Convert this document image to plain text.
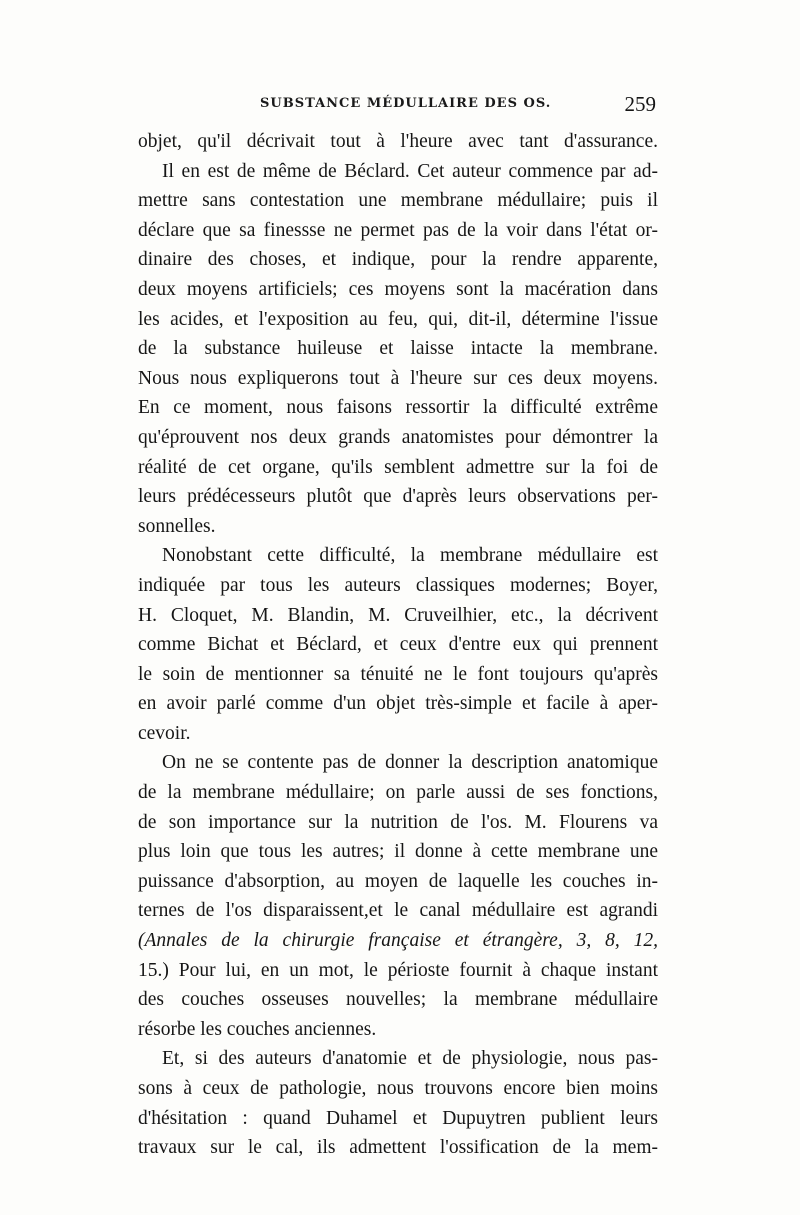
SUBSTANCE MÉDULLAIRE DES OS.	259
objet, qu'il décrivait tout à l'heure avec tant d'assurance.
Il en est de même de Béclard. Cet auteur commence par ad-
mettre sans contestation une membrane médullaire; puis il
déclare que sa finessse ne permet pas de la voir dans l'état or-
dinaire des choses, et indique, pour la rendre apparente,
deux moyens artificiels; ces moyens sont la macération dans
les acides, et l'exposition au feu, qui, dit-il, détermine l'issue
de la substance huileuse et laisse intacte la membrane.
Nous nous expliquerons tout à l'heure sur ces deux moyens.
En ce moment, nous faisons ressortir la difficulté extrême
qu'éprouvent nos deux grands anatomistes pour démontrer la
réalité de cet organe, qu'ils semblent admettre sur la foi de
leurs prédécesseurs plutôt que d'après leurs observations per-
sonnelles.
Nonobstant cette difficulté, la membrane médullaire est
indiquée par tous les auteurs classiques modernes; Boyer,
H. Cloquet, M. Blandin, M. Cruveilhier, etc., la décrivent
comme Bichat et Béclard, et ceux d'entre eux qui prennent
le soin de mentionner sa ténuité ne le font toujours qu'après
en avoir parlé comme d'un objet très-simple et facile à aper-
cevoir.
On ne se contente pas de donner la description anatomique
de la membrane médullaire; on parle aussi de ses fonctions,
de son importance sur la nutrition de l'os. M. Flourens va
plus loin que tous les autres; il donne à cette membrane une
puissance d'absorption, au moyen de laquelle les couches in-
ternes de l'os disparaissent,et le canal médullaire est agrandi
(Annales de la chirurgie française et étrangère, 3, 8, 12,
15.) Pour lui, en un mot, le périoste fournit à chaque instant
des couches osseuses nouvelles; la membrane médullaire
résorbe les couches anciennes.
Et, si des auteurs d'anatomie et de physiologie, nous pas-
sons à ceux de pathologie, nous trouvons encore bien moins
d'hésitation : quand Duhamel et Dupuytren publient leurs
travaux sur le cal, ils admettent l'ossification de la mem-
